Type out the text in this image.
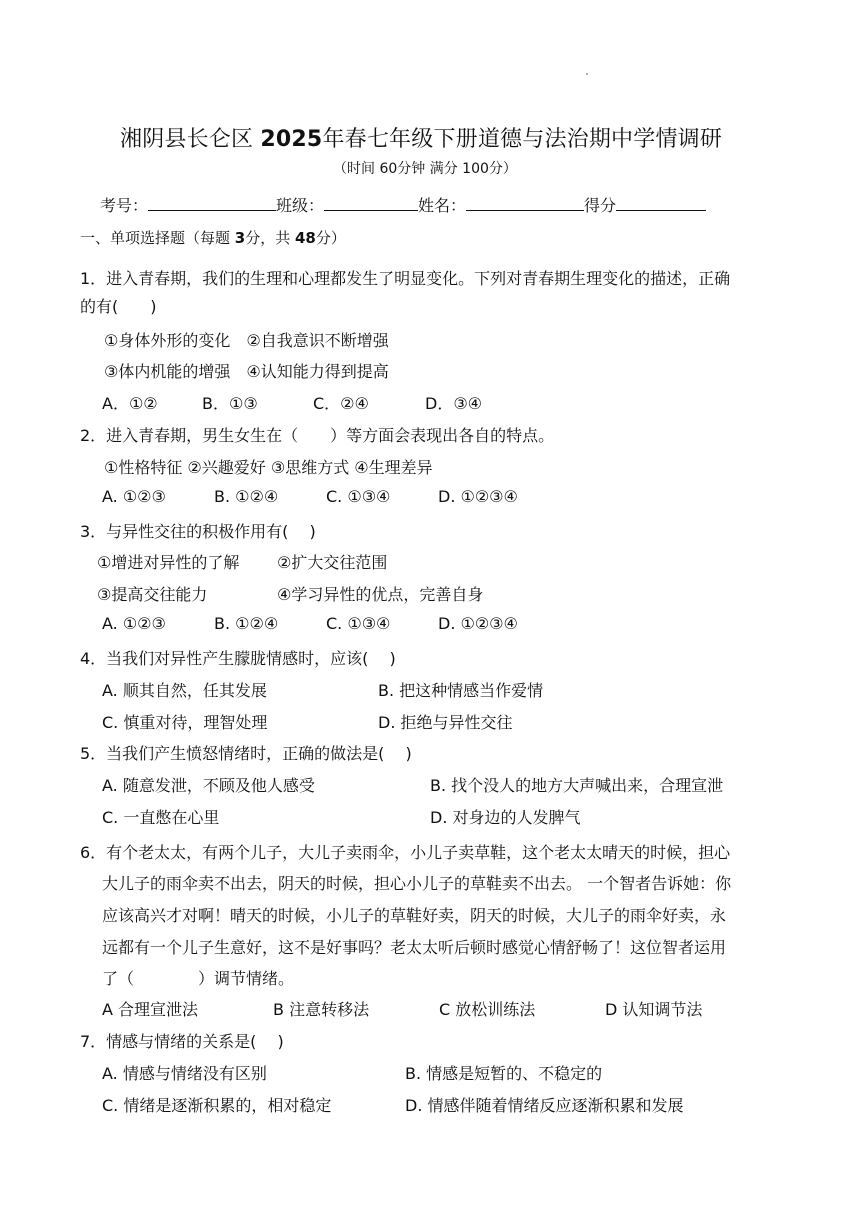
湘阴县长仑区 2025年春七年级下册道德与法治期中学情调研
（时间 60分钟 满分 100分）
考号：	班级：	姓名：	得分
一、单项选择题（每题 3分，共 48分）
1．进入青春期，我们的生理和心理都发生了明显变化。下列对青春期生理变化的描述，正确
的有(　　)
①身体外形的变化　②自我意识不断增强
③体内机能的增强　④认知能力得到提高
A．①②	B．①③	C．②④	D．③④
2．进入青春期，男生女生在（　　）等方面会表现出各自的特点。
①性格特征 ②兴趣爱好 ③思维方式 ④生理差异
A. ①②③	B. ①②④	C. ①③④	D. ①②③④
3．与异性交往的积极作用有(　 )
①增进对异性的了解 ②扩大交往范围
③提高交往能力	④学习异性的优点，完善自身
A. ①②③	B. ①②④	C. ①③④	D. ①②③④
4．当我们对异性产生朦胧情感时，应该(　 )
A. 顺其自然，任其发展	B. 把这种情感当作爱情
C. 慎重对待，理智处理	D. 拒绝与异性交往
5．当我们产生愤怒情绪时，正确的做法是(　 )
A. 随意发泄，不顾及他人感受	B. 找个没人的地方大声喊出来，合理宣泄
C. 一直憋在心里	D. 对身边的人发脾气
6．有个老太太，有两个儿子，大儿子卖雨伞，小儿子卖草鞋，这个老太太晴天的时候，担心
大儿子的雨伞卖不出去，阴天的时候，担心小儿子的草鞋卖不出去。 一个智者告诉她：你
应该高兴才对啊！晴天的时候，小儿子的草鞋好卖，阴天的时候，大儿子的雨伞好卖，永
远都有一个儿子生意好，这不是好事吗？老太太听后顿时感觉心情舒畅了！这位智者运用
了（　　　　）调节情绪。
A 合理宣泄法	B 注意转移法	C 放松训练法	D 认知调节法
7．情感与情绪的关系是(　 )
A. 情感与情绪没有区别	B. 情感是短暂的、不稳定的
C. 情绪是逐渐积累的，相对稳定	D. 情感伴随着情绪反应逐渐积累和发展
